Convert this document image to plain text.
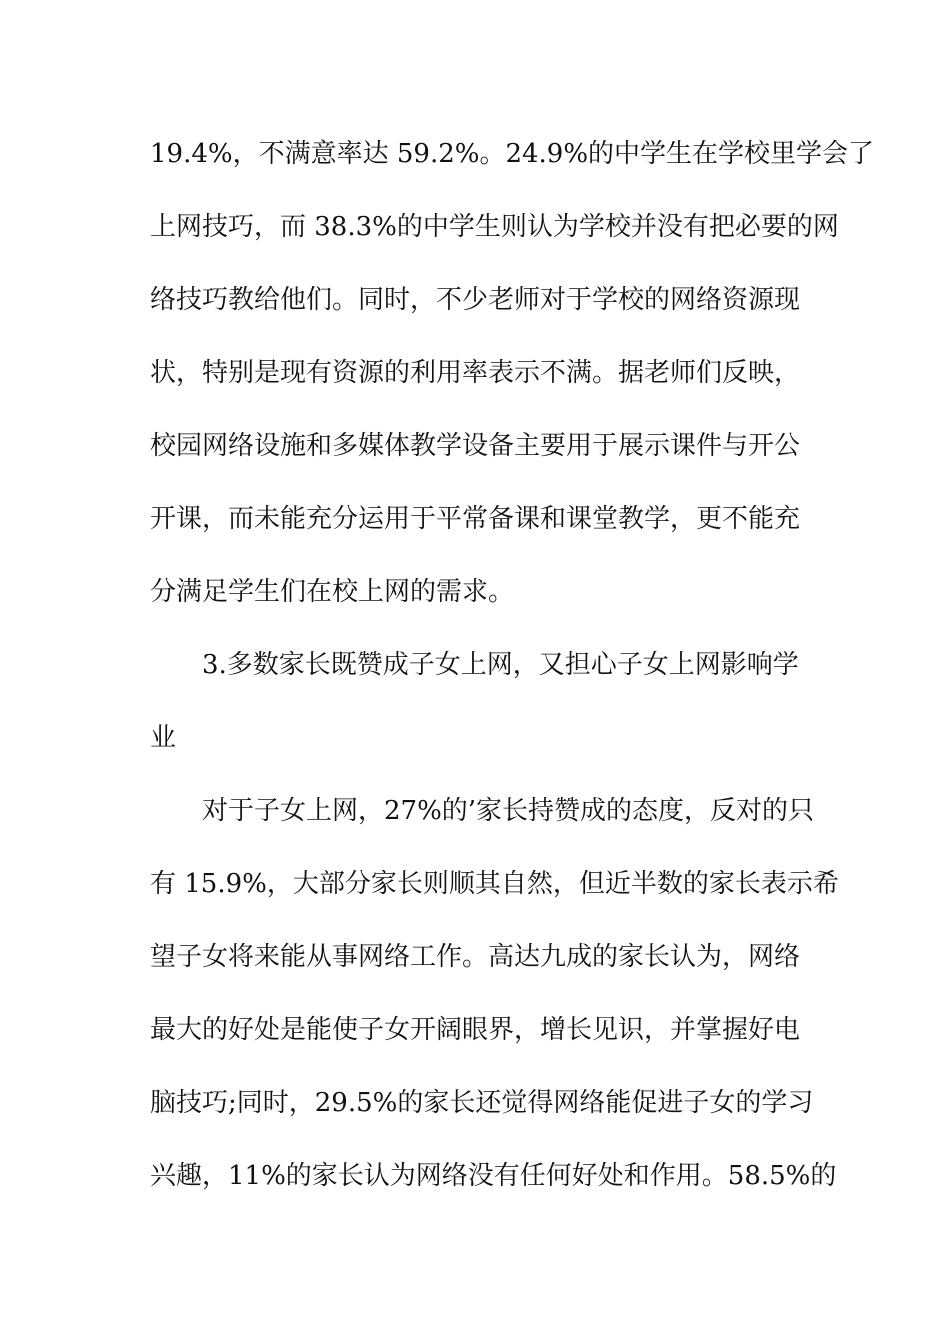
19.4%，不满意率达 59.2%。24.9%的中学生在学校里学会了

上网技巧，而 38.3%的中学生则认为学校并没有把必要的网

络技巧教给他们。同时，不少老师对于学校的网络资源现

状，特别是现有资源的利用率表示不满。据老师们反映，

校园网络设施和多媒体教学设备主要用于展示课件与开公

开课，而未能充分运用于平常备课和课堂教学，更不能充

分满足学生们在校上网的需求。

3.多数家长既赞成子女上网，又担心子女上网影响学

业

对于子女上网，27%的’家长持赞成的态度，反对的只

有 15.9%，大部分家长则顺其自然，但近半数的家长表示希

望子女将来能从事网络工作。高达九成的家长认为，网络

最大的好处是能使子女开阔眼界，增长见识，并掌握好电

脑技巧;同时，29.5%的家长还觉得网络能促进子女的学习

兴趣，11%的家长认为网络没有任何好处和作用。58.5%的
